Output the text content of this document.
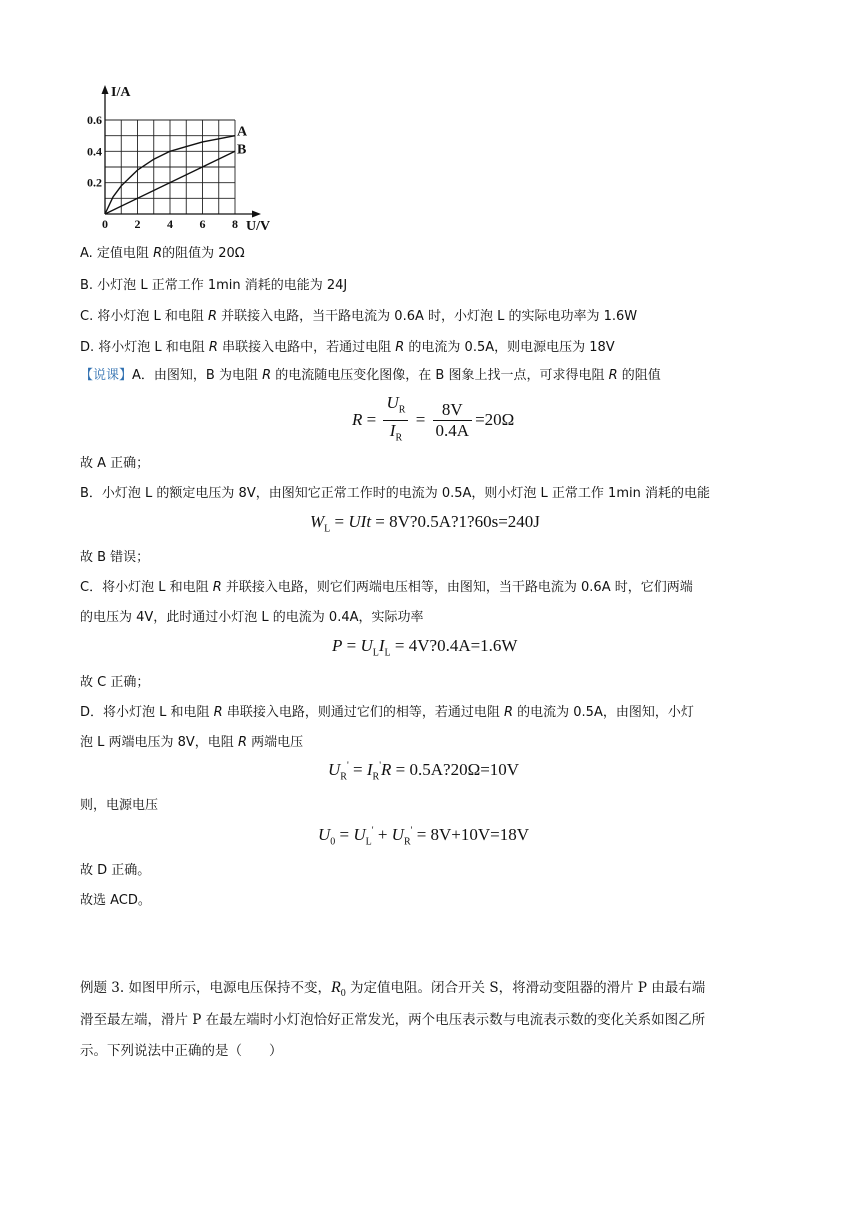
I/A
U/V
0 2 4 6 8
0.2
0.4
0.6
A
B
A. 定值电阻 R的阻值为 20Ω
B. 小灯泡 L 正常工作 1min 消耗的电能为 24J
C. 将小灯泡 L 和电阻 R 并联接入电路，当干路电流为 0.6A 时，小灯泡 L 的实际电功率为 1.6W
D. 将小灯泡 L 和电阻 R 串联接入电路中，若通过电阻 R 的电流为 0.5A，则电源电压为 18V
【说课】A．由图知，B 为电阻 R 的电流随电压变化图像，在 B 图象上找一点，可求得电阻 R 的阻值
$R = \frac{U_R}{I_R} = \frac{8V}{0.4A} =20\Omega$
故 A 正确；
B．小灯泡 L 的额定电压为 8V，由图知它正常工作时的电流为 0.5A，则小灯泡 L 正常工作 1min 消耗的电能
$W_L$ = UIt = 8V?0.5A?1?60s=240J
故 B 错误；
C．将小灯泡 L 和电阻 R 并联接入电路，则它们两端电压相等，由图知，当干路电流为 0.6A 时，它们两端
的电压为 4V，此时通过小灯泡 L 的电流为 0.4A，实际功率
$P = U_LI_L$ = 4V?0.4A=1.6W
故 C 正确；
D．将小灯泡 L 和电阻 R 串联接入电路，则通过它们的相等，若通过电阻 R 的电流为 0.5A，由图知，小灯
泡 L 两端电压为 8V，电阻 R 两端电压
$U_R' = I_R'R$ = 0.5A?20Ω=10V
则，电源电压
$U_0 = U_L' + U_R' = 8V+10V=18V$
故 D 正确。
故选 ACD。
例题 3. 如图甲所示，电源电压保持不变，$R_0$ 为定值电阻。闭合开关 S，将滑动变阻器的滑片 P 由最右端
滑至最左端，滑片 P 在最左端时小灯泡恰好正常发光，两个电压表示数与电流表示数的变化关系如图乙所
示。下列说法中正确的是（　　）
